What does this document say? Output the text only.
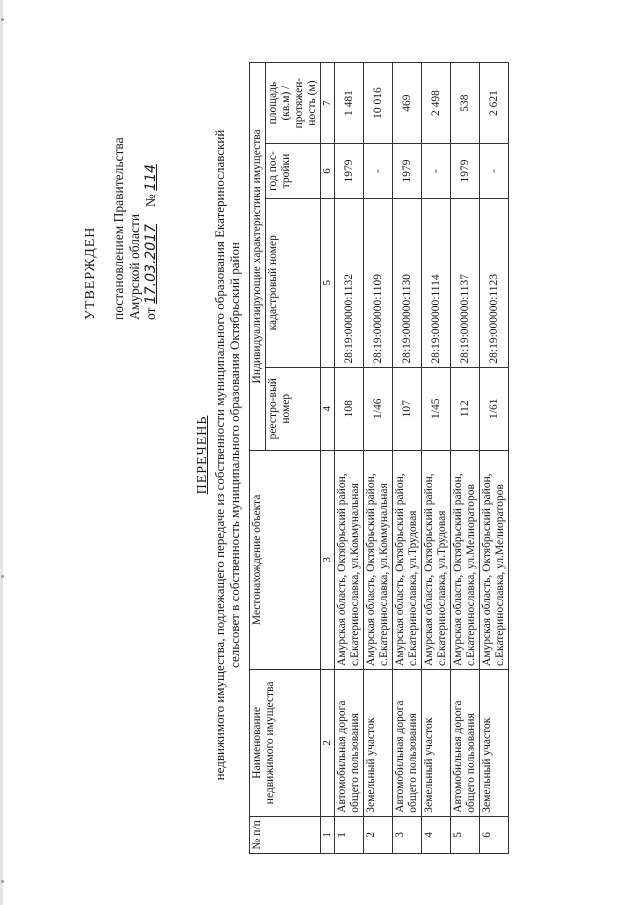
УТВЕРЖДЕН постановлением Правительства Амурской области от 17.03.2017     № 114
ПЕРЕЧЕНЬ недвижимого имущества, подлежащего передаче из собственности муниципального образования Екатеринославский сельсовет в собственность муниципального образования Октябрьский район
№ п/п	Наименование недвижимого имущества	Местонахождение объекта	Индивидуализирующие характеристики имущества			
			реестро-вый номер	кадастровый номер	год пос-тройки	площадь (кв.м) / протяжен-ность (м)
1	2	3	4	5	6	7
1	Автомобильная дорога общего пользования	Амурская область, Октябрьский район, с.Екатеринославка, ул.Коммунальная	108	28:19:000000:1132	1979	1 481
2	Земельный участок	Амурская область, Октябрьский район, с.Екатеринославка, ул.Коммунальная	1/46	28:19:000000:1109	-	10 016
3	Автомобильная дорога общего пользования	Амурская область, Октябрьский район, с.Екатеринославка, ул.Трудовая	107	28:19:000000:1130	1979	469
4	Земельный участок	Амурская область, Октябрьский район, с.Екатеринославка, ул.Трудовая	1/45	28:19:000000:1114	-	2 498
5	Автомобильная дорога общего пользования	Амурская область, Октябрьский район, с.Екатеринославка, ул.Мелиораторов	112	28:19:000000:1137	1979	538
6	Земельный участок	Амурская область, Октябрьский район, с.Екатеринославка, ул.Мелиораторов	1/61	28:19:000000:1123	-	2 621
